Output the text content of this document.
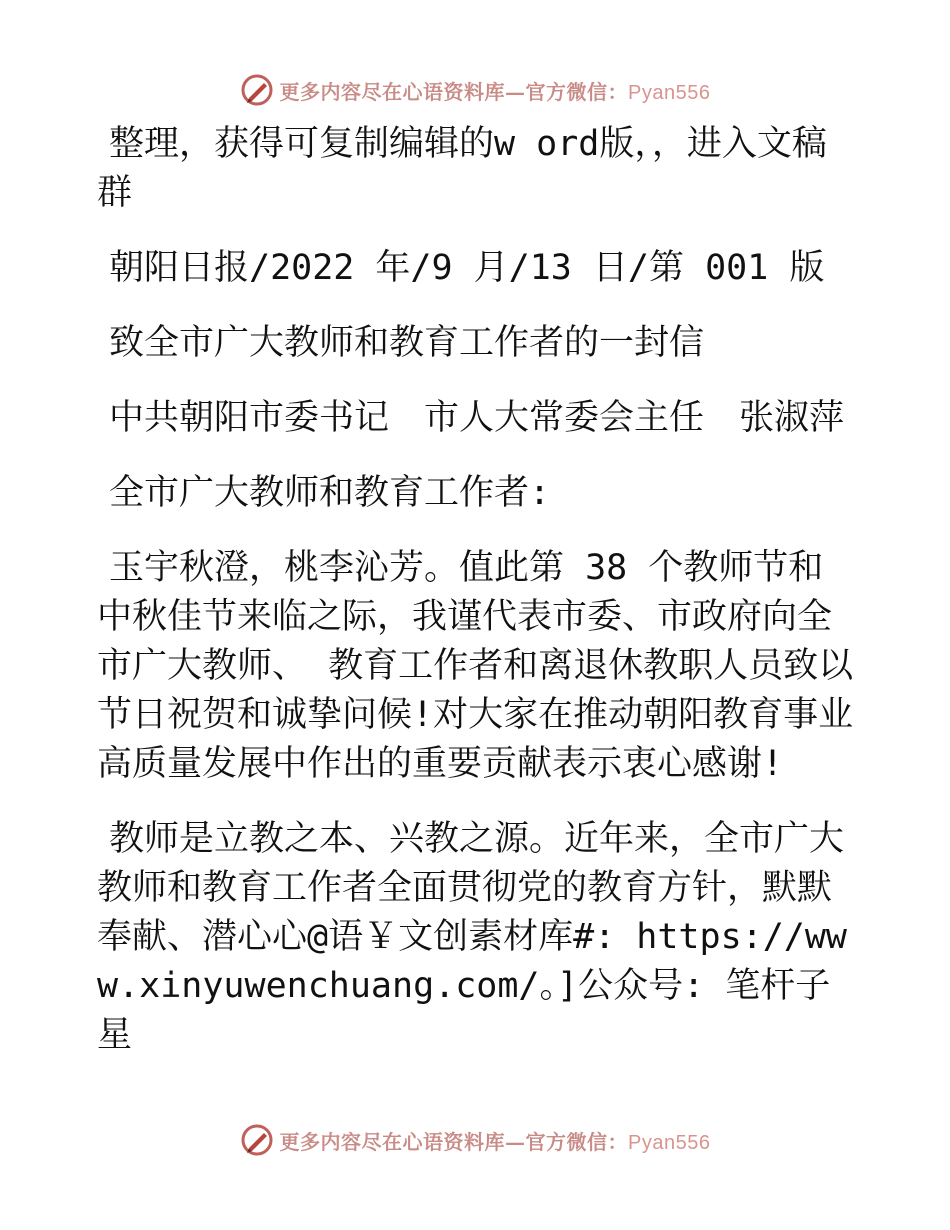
更多内容尽在心语资料库—官方微信：Pyan556

整理，获得可复制编辑的w ord版，，进入文稿群

朝阳日报/2022 年/9 月/13 日/第 001 版

致全市广大教师和教育工作者的一封信

中共朝阳市委书记　市人大常委会主任　张淑萍

全市广大教师和教育工作者:

玉宇秋澄，桃李沁芳。值此第 38 个教师节和中秋佳节来临之际，我谨代表市委、市政府向全市广大教师、 教育工作者和离退休教职人员致以节日祝贺和诚挚问候!对大家在推动朝阳教育事业高质量发展中作出的重要贡献表示衷心感谢!

教师是立教之本、兴教之源。近年来，全市广大教师和教育工作者全面贯彻党的教育方针，默默奉献、潜心心@语￥文创素材库#: https://www.xinyuwenchuang.com/。]公众号: 笔杆子星

更多内容尽在心语资料库—官方微信：Pyan556
